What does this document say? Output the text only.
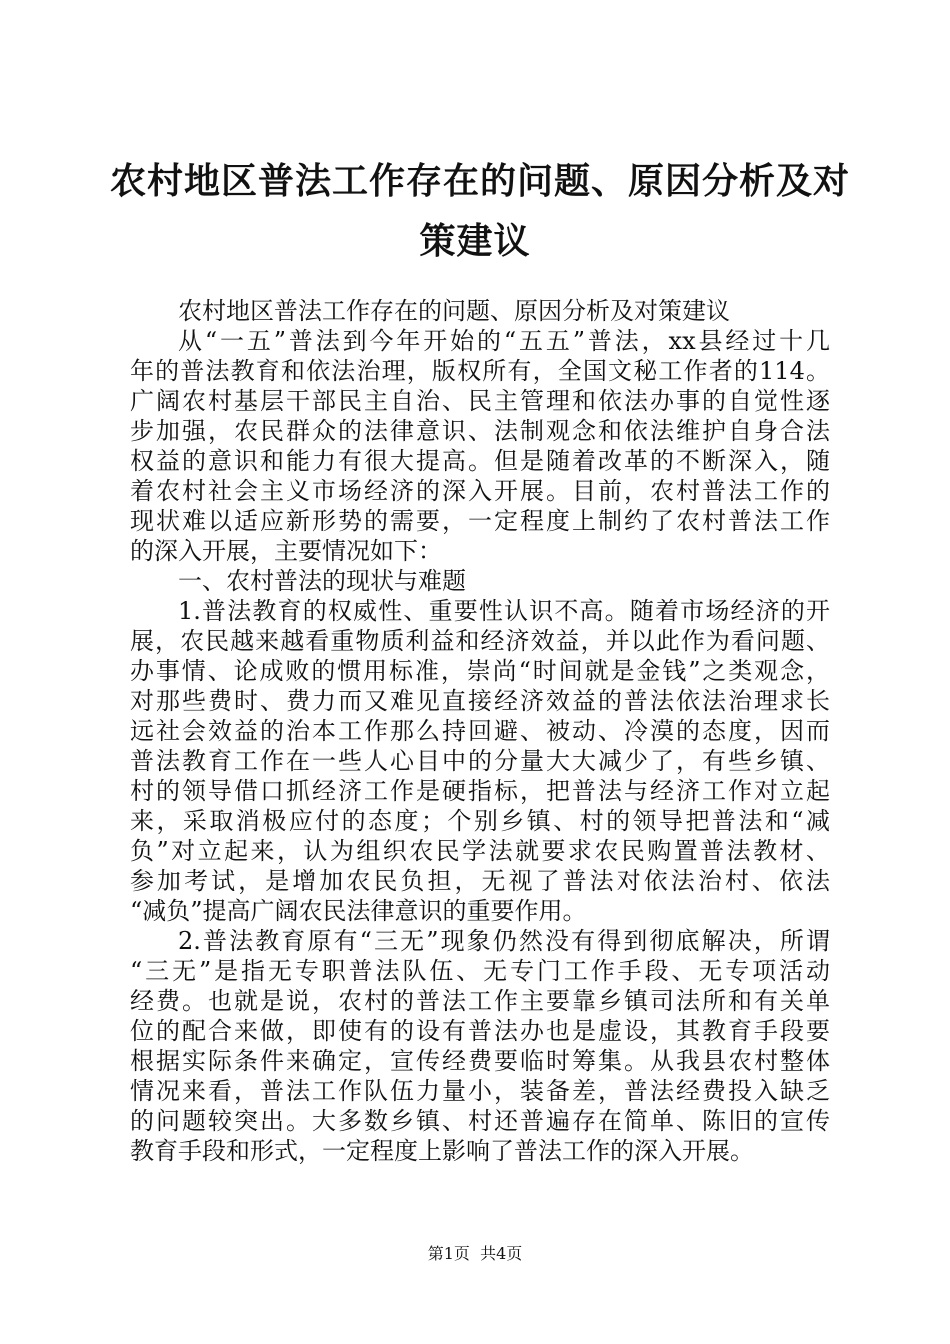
农村地区普法工作存在的问题、原因分析及对
策建议
农村地区普法工作存在的问题、原因分析及对策建议
从“一五”普法到今年开始的“五五”普法，xx县经过十几
年的普法教育和依法治理，版权所有，全国文秘工作者的114。
广阔农村基层干部民主自治、民主管理和依法办事的自觉性逐
步加强，农民群众的法律意识、法制观念和依法维护自身合法
权益的意识和能力有很大提高。但是随着改革的不断深入，随
着农村社会主义市场经济的深入开展。目前，农村普法工作的
现状难以适应新形势的需要，一定程度上制约了农村普法工作
的深入开展，主要情况如下：
一、农村普法的现状与难题
1.普法教育的权威性、重要性认识不高。随着市场经济的开
展，农民越来越看重物质利益和经济效益，并以此作为看问题、
办事情、论成败的惯用标准，崇尚“时间就是金钱”之类观念，
对那些费时、费力而又难见直接经济效益的普法依法治理求长
远社会效益的治本工作那么持回避、被动、冷漠的态度，因而
普法教育工作在一些人心目中的分量大大减少了，有些乡镇、
村的领导借口抓经济工作是硬指标，把普法与经济工作对立起
来，采取消极应付的态度；个别乡镇、村的领导把普法和“减
负”对立起来，认为组织农民学法就要求农民购置普法教材、
参加考试，是增加农民负担，无视了普法对依法治村、依法
“减负”提高广阔农民法律意识的重要作用。
2.普法教育原有“三无”现象仍然没有得到彻底解决，所谓
“三无”是指无专职普法队伍、无专门工作手段、无专项活动
经费。也就是说，农村的普法工作主要靠乡镇司法所和有关单
位的配合来做，即使有的设有普法办也是虚设，其教育手段要
根据实际条件来确定，宣传经费要临时筹集。从我县农村整体
情况来看，普法工作队伍力量小，装备差，普法经费投入缺乏
的问题较突出。大多数乡镇、村还普遍存在简单、陈旧的宣传
教育手段和形式，一定程度上影响了普法工作的深入开展。
第1页  共4页
